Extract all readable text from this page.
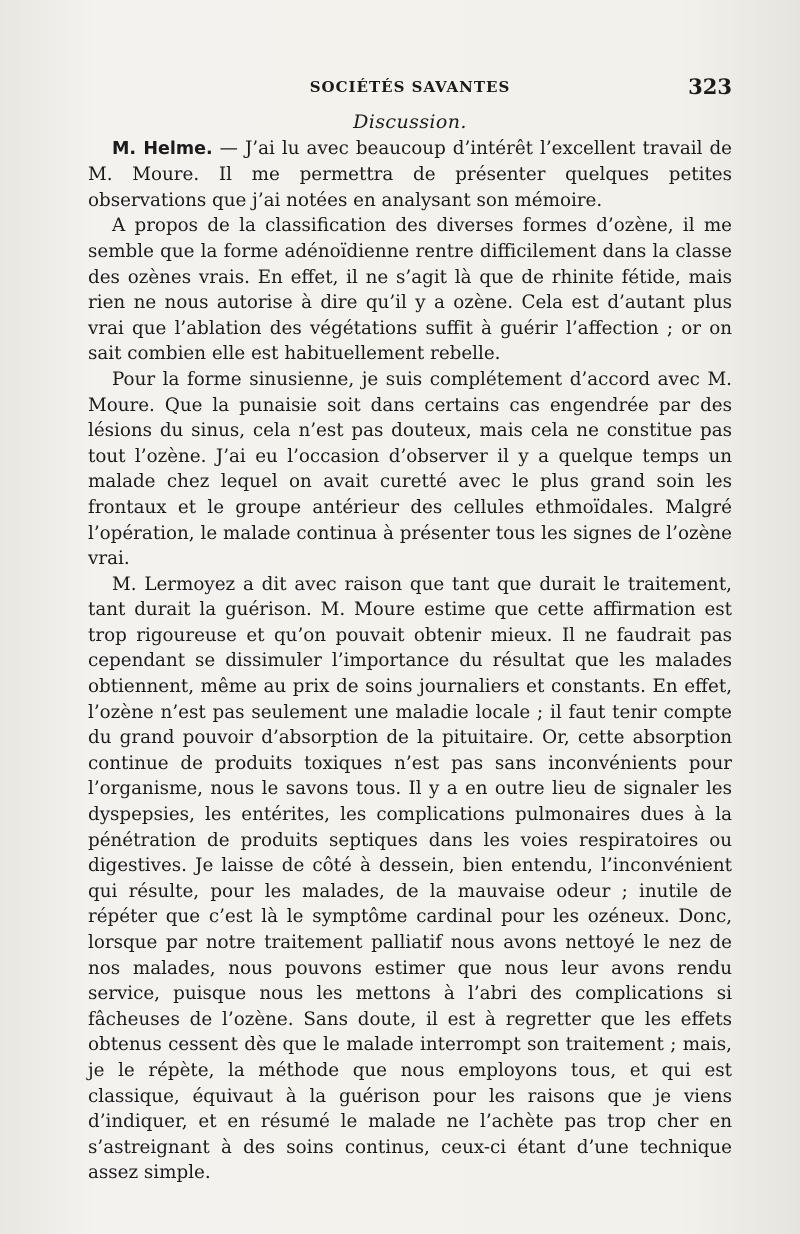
SOCIÉTÉS SAVANTES	323

Discussion.

M. Helme. — J’ai lu avec beaucoup d’intérêt l’excellent travail de M. Moure. Il me permettra de présenter quelques petites observations que j’ai notées en analysant son mémoire.

A propos de la classification des diverses formes d’ozène, il me semble que la forme adénoïdienne rentre difficilement dans la classe des ozènes vrais. En effet, il ne s’agit là que de rhinite fétide, mais rien ne nous autorise à dire qu’il y a ozène. Cela est d’autant plus vrai que l’ablation des végétations suffit à guérir l’affection ; or on sait combien elle est habituellement rebelle.

Pour la forme sinusienne, je suis complétement d’accord avec M. Moure. Que la punaisie soit dans certains cas engendrée par des lésions du sinus, cela n’est pas douteux, mais cela ne constitue pas tout l’ozène. J’ai eu l’occasion d’observer il y a quelque temps un malade chez lequel on avait curetté avec le plus grand soin les frontaux et le groupe antérieur des cellules ethmoïdales. Malgré l’opération, le malade continua à présenter tous les signes de l’ozène vrai.

M. Lermoyez a dit avec raison que tant que durait le traitement, tant durait la guérison. M. Moure estime que cette affirmation est trop rigoureuse et qu’on pouvait obtenir mieux. Il ne faudrait pas cependant se dissimuler l’importance du résultat que les malades obtiennent, même au prix de soins journaliers et constants. En effet, l’ozène n’est pas seulement une maladie locale ; il faut tenir compte du grand pouvoir d’absorption de la pituitaire. Or, cette absorption continue de produits toxiques n’est pas sans inconvénients pour l’organisme, nous le savons tous. Il y a en outre lieu de signaler les dyspepsies, les entérites, les complications pulmonaires dues à la pénétration de produits septiques dans les voies respiratoires ou digestives. Je laisse de côté à dessein, bien entendu, l’inconvénient qui résulte, pour les malades, de la mauvaise odeur ; inutile de répéter que c’est là le symptôme cardinal pour les ozéneux. Donc, lorsque par notre traitement palliatif nous avons nettoyé le nez de nos malades, nous pouvons estimer que nous leur avons rendu service, puisque nous les mettons à l’abri des complications si fâcheuses de l’ozène. Sans doute, il est à regretter que les effets obtenus cessent dès que le malade interrompt son traitement ; mais, je le répète, la méthode que nous employons tous, et qui est classique, équivaut à la guérison pour les raisons que je viens d’indiquer, et en résumé le malade ne l’achète pas trop cher en s’astreignant à des soins continus, ceux-ci étant d’une technique assez simple.
